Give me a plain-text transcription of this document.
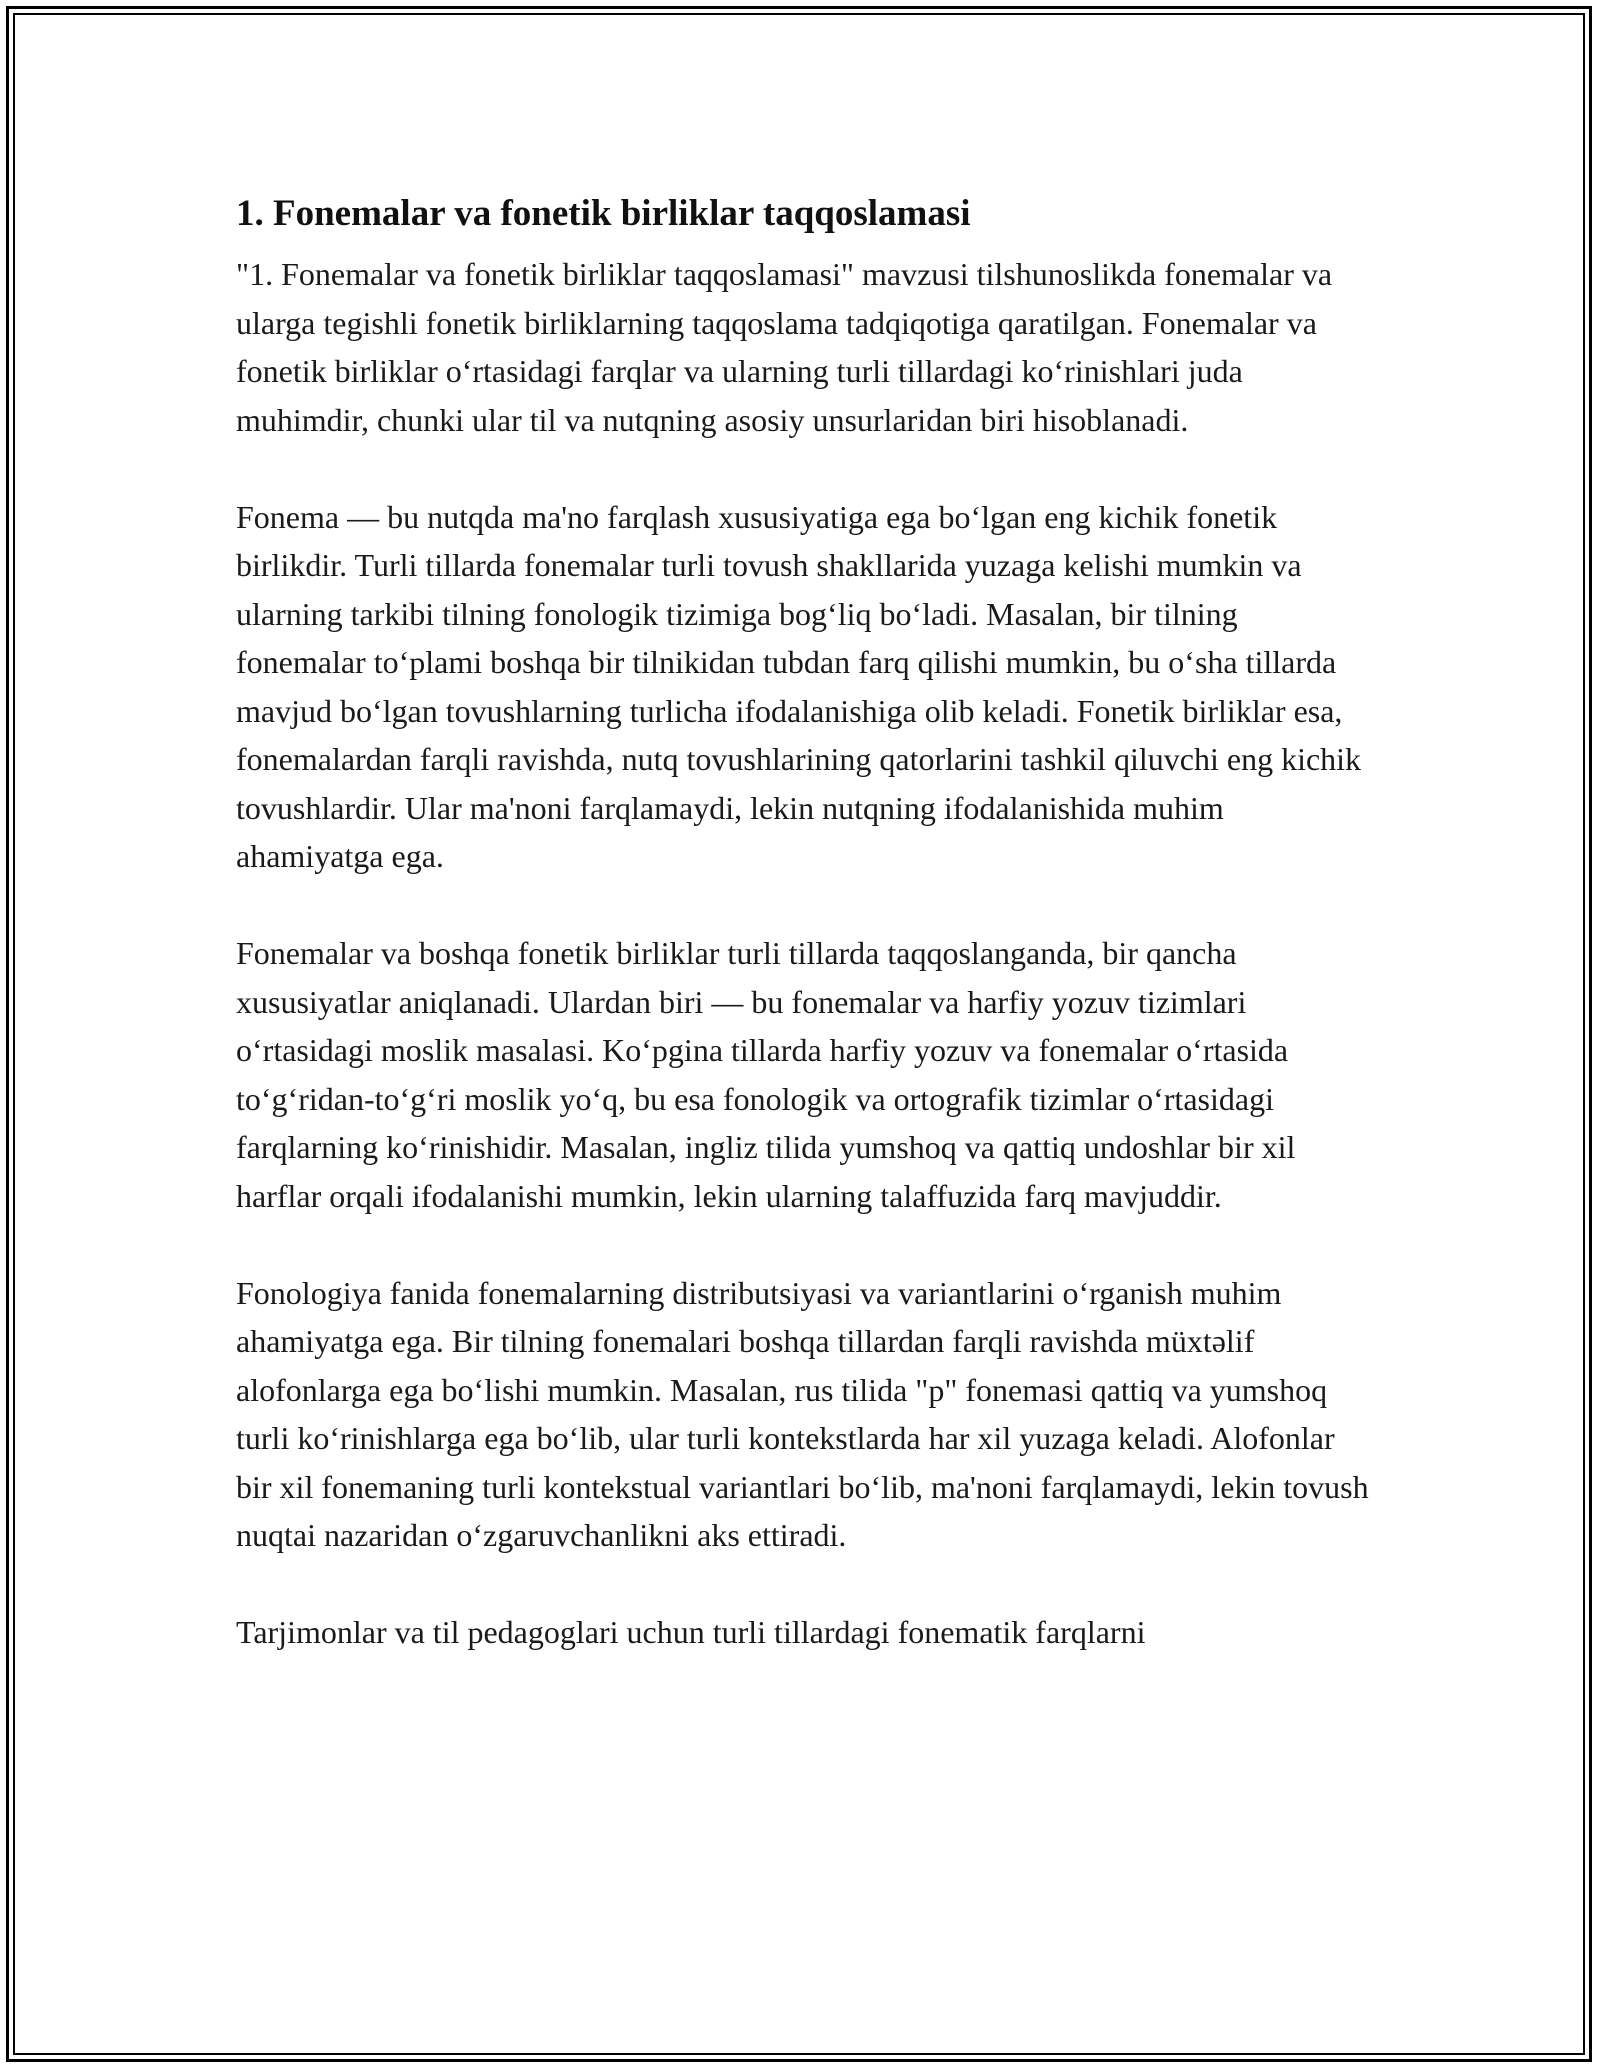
1. Fonemalar va fonetik birliklar taqqoslamasi

"1. Fonemalar va fonetik birliklar taqqoslamasi" mavzusi tilshunoslikda fonemalar va ularga tegishli fonetik birliklarning taqqoslama tadqiqotiga qaratilgan. Fonemalar va fonetik birliklar oʻrtasidagi farqlar va ularning turli tillardagi koʻrinishlari juda muhimdir, chunki ular til va nutqning asosiy unsurlaridan biri hisoblanadi.

Fonema — bu nutqda ma'no farqlash xususiyatiga ega boʻlgan eng kichik fonetik birlikdir. Turli tillarda fonemalar turli tovush shakllarida yuzaga kelishi mumkin va ularning tarkibi tilning fonologik tizimiga bogʻliq boʻladi. Masalan, bir tilning fonemalar toʻplami boshqa bir tilnikidan tubdan farq qilishi mumkin, bu oʻsha tillarda mavjud boʻlgan tovushlarning turlicha ifodalanishiga olib keladi. Fonetik birliklar esa, fonemalardan farqli ravishda, nutq tovushlarining qatorlarini tashkil qiluvchi eng kichik tovushlardir. Ular ma'noni farqlamaydi, lekin nutqning ifodalanishida muhim ahamiyatga ega.

Fonemalar va boshqa fonetik birliklar turli tillarda taqqoslanganda, bir qancha xususiyatlar aniqlanadi. Ulardan biri — bu fonemalar va harfiy yozuv tizimlari oʻrtasidagi moslik masalasi. Koʻpgina tillarda harfiy yozuv va fonemalar oʻrtasida toʻgʻridan-toʻgʻri moslik yoʻq, bu esa fonologik va ortografik tizimlar oʻrtasidagi farqlarning koʻrinishidir. Masalan, ingliz tilida yumshoq va qattiq undoshlar bir xil harflar orqali ifodalanishi mumkin, lekin ularning talaffuzida farq mavjuddir.

Fonologiya fanida fonemalarning distributsiyasi va variantlarini oʻrganish muhim ahamiyatga ega. Bir tilning fonemalari boshqa tillardan farqli ravishda müxtəlif alofonlarga ega boʻlishi mumkin. Masalan, rus tilida "p" fonemasi qattiq va yumshoq turli koʻrinishlarga ega boʻlib, ular turli kontekstlarda har xil yuzaga keladi. Alofonlar bir xil fonemaning turli kontekstual variantlari boʻlib, ma'noni farqlamaydi, lekin tovush nuqtai nazaridan oʻzgaruvchanlikni aks ettiradi.

Tarjimonlar va til pedagoglari uchun turli tillardagi fonematik farqlarni
